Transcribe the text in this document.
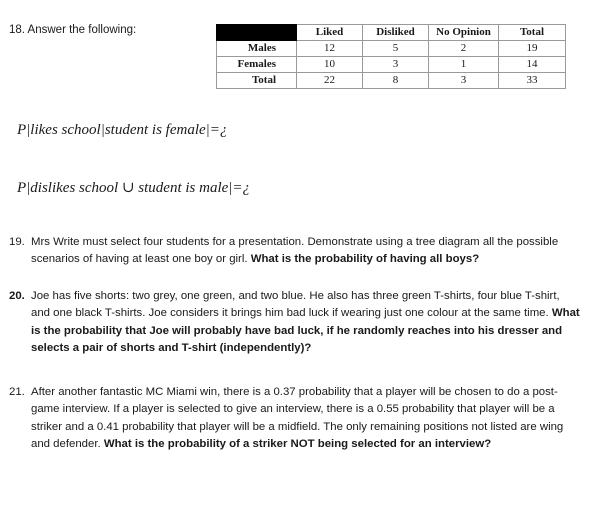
18. Answer the following:
		Liked	Disliked	No Opinion	Total
Males	12	5	2	19
Females	10	3	1	14
Total	22	8	3	33
P|likes school|student is female|=¿
P|dislikes school ∪ student is male|=¿
19. Mrs Write must select four students for a presentation. Demonstrate using a tree diagram all the possible scenarios of having at least one boy or girl. What is the probability of having all boys?
20. Joe has five shorts: two grey, one green, and two blue. He also has three green T-shirts, four blue T-shirt, and one black T-shirts. Joe considers it brings him bad luck if wearing just one colour at the same time. What is the probability that Joe will probably have bad luck, if he randomly reaches into his dresser and selects a pair of shorts and T-shirt (independently)?
21. After another fantastic MC Miami win, there is a 0.37 probability that a player will be chosen to do a post-game interview. If a player is selected to give an interview, there is a 0.55 probability that player will be a striker and a 0.41 probability that player will be a midfield. The only remaining positions not listed are wing and defender. What is the probability of a striker NOT being selected for an interview?
